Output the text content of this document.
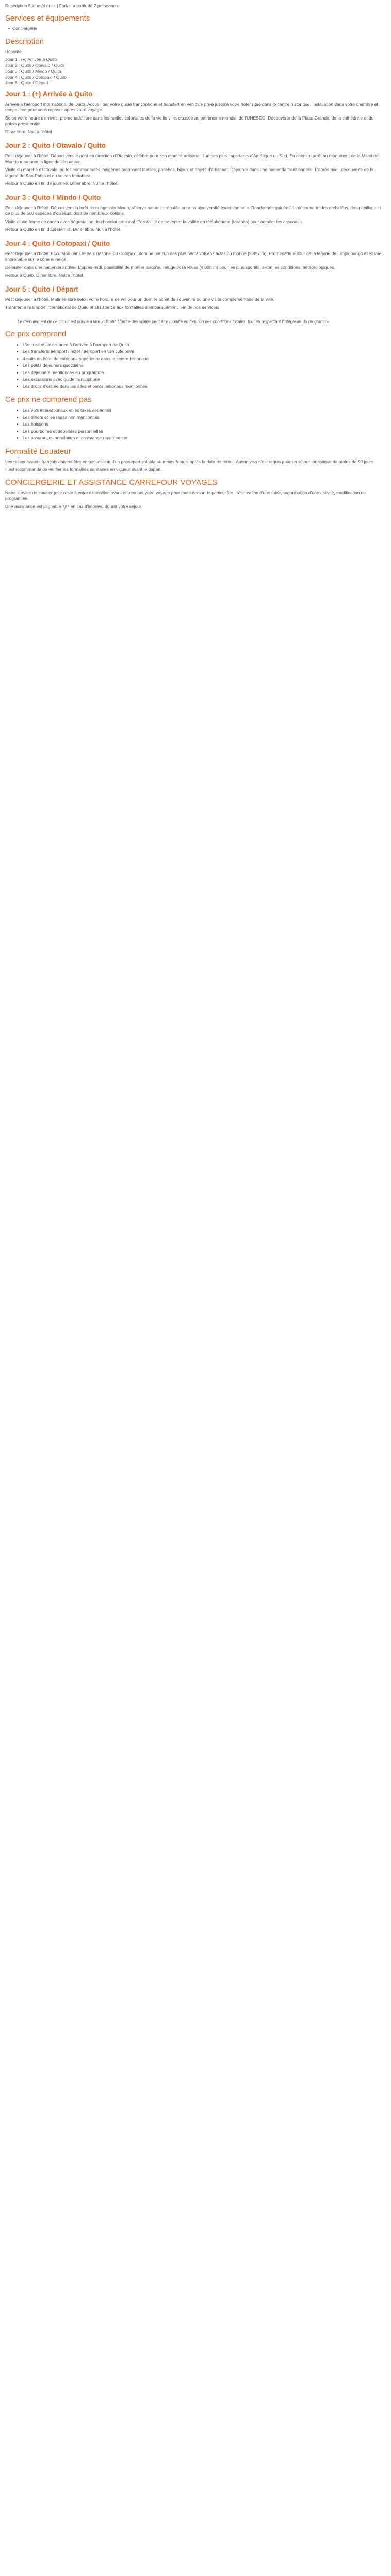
Description 5 jours/4 nuits | Forfait à partir de 2 personnes
Services et équipements
• Conciergerie
Description

Résumé

Jour 1 : (+) Arrivée à Quito
Jour 2 : Quito / Otavalo / Quito
Jour 3 : Quito / Mindo / Quito
Jour 4 : Quito / Cotopaxi / Quito
Jour 5 : Quito / Départ
Jour 1 : (+) Arrivée à Quito

Arrivée à l'aéroport international de Quito. Accueil par votre guide francophone et transfert en véhicule privé jusqu'à votre hôtel situé dans le centre historique. Installation dans votre chambre et temps libre pour vous reposer après votre voyage.

Selon votre heure d'arrivée, promenade libre dans les ruelles coloniales de la vieille ville, classée au patrimoine mondial de l'UNESCO. Découverte de la Plaza Grande, de la cathédrale et du palais présidentiel.

Dîner libre. Nuit à l'hôtel.

Jour 2 : Quito / Otavalo / Quito

Petit déjeuner à l'hôtel. Départ vers le nord en direction d'Otavalo, célèbre pour son marché artisanal, l'un des plus importants d'Amérique du Sud. En chemin, arrêt au monument de la Mitad del Mundo marquant la ligne de l'équateur.

Visite du marché d'Otavalo, où les communautés indigènes proposent textiles, ponchos, bijoux et objets d'artisanat. Déjeuner dans une hacienda traditionnelle. L'après-midi, découverte de la lagune de San Pablo et du volcan Imbabura.

Retour à Quito en fin de journée. Dîner libre. Nuit à l'hôtel.

Jour 3 : Quito / Mindo / Quito

Petit déjeuner à l'hôtel. Départ vers la forêt de nuages de Mindo, réserve naturelle réputée pour sa biodiversité exceptionnelle. Randonnée guidée à la découverte des orchidées, des papillons et de plus de 500 espèces d'oiseaux, dont de nombreux colibris.

Visite d'une ferme de cacao avec dégustation de chocolat artisanal. Possibilité de traverser la vallée en téléphérique (tarabita) pour admirer les cascades.

Retour à Quito en fin d'après-midi. Dîner libre. Nuit à l'hôtel.

Jour 4 : Quito / Cotopaxi / Quito

Petit déjeuner à l'hôtel. Excursion dans le parc national du Cotopaxi, dominé par l'un des plus hauts volcans actifs du monde (5 897 m). Promenade autour de la lagune de Limpiopungo avec vue imprenable sur le cône enneigé.

Déjeuner dans une hacienda andine. L'après-midi, possibilité de monter jusqu'au refuge José Rivas (4 800 m) pour les plus sportifs, selon les conditions météorologiques.

Retour à Quito. Dîner libre. Nuit à l'hôtel.

Jour 5 : Quito / Départ

Petit déjeuner à l'hôtel. Matinée libre selon votre horaire de vol pour un dernier achat de souvenirs ou une visite complémentaire de la ville.

Transfert à l'aéroport international de Quito et assistance aux formalités d'embarquement. Fin de nos services.

Le déroulement de ce circuit est donné à titre indicatif. L'ordre des visites peut être modifié en fonction des conditions locales, tout en respectant l'intégralité du programme.

Ce prix comprend
• L'accueil et l'assistance à l'arrivée à l'aéroport de Quito
• Les transferts aéroport / hôtel / aéroport en véhicule privé
• 4 nuits en hôtel de catégorie supérieure dans le centre historique
• Les petits déjeuners quotidiens
• Les déjeuners mentionnés au programme
• Les excursions avec guide francophone
• Les droits d'entrée dans les sites et parcs nationaux mentionnés
Ce prix ne comprend pas
• Les vols internationaux et les taxes aériennes
• Les dîners et les repas non mentionnés
• Les boissons
• Les pourboires et dépenses personnelles
• Les assurances annulation et assistance rapatriement
Formalité Equateur

Les ressortissants français doivent être en possession d'un passeport valable au moins 6 mois après la date de retour. Aucun visa n'est requis pour un séjour touristique de moins de 90 jours.

Il est recommandé de vérifier les formalités sanitaires en vigueur avant le départ.

CONCIERGERIE ET ASSISTANCE CARREFOUR VOYAGES

Notre service de conciergerie reste à votre disposition avant et pendant votre voyage pour toute demande particulière : réservation d'une table, organisation d'une activité, modification de programme.

Une assistance est joignable 7j/7 en cas d'imprévu durant votre séjour.
